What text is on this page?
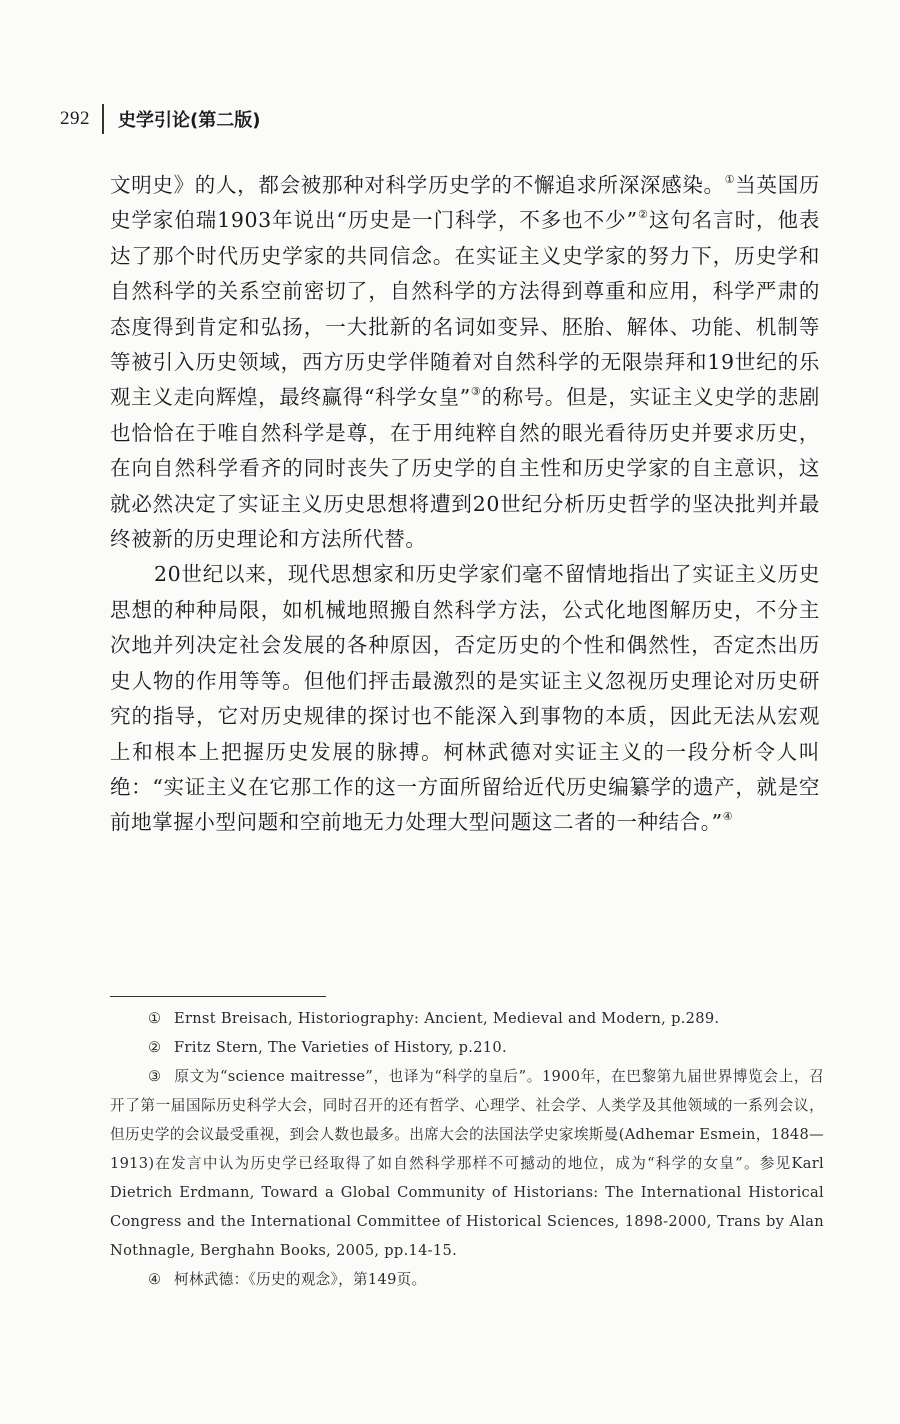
292 史学引论(第二版)

文明史》的人，都会被那种对科学历史学的不懈追求所深深感染。①当英国历史学家伯瑞1903年说出“历史是一门科学，不多也不少”②这句名言时，他表达了那个时代历史学家的共同信念。在实证主义史学家的努力下，历史学和自然科学的关系空前密切了，自然科学的方法得到尊重和应用，科学严肃的态度得到肯定和弘扬，一大批新的名词如变异、胚胎、解体、功能、机制等等被引入历史领域，西方历史学伴随着对自然科学的无限崇拜和19世纪的乐观主义走向辉煌，最终赢得“科学女皇”③的称号。但是，实证主义史学的悲剧也恰恰在于唯自然科学是尊，在于用纯粹自然的眼光看待历史并要求历史，在向自然科学看齐的同时丧失了历史学的自主性和历史学家的自主意识，这就必然决定了实证主义历史思想将遭到20世纪分析历史哲学的坚决批判并最终被新的历史理论和方法所代替。

20世纪以来，现代思想家和历史学家们毫不留情地指出了实证主义历史思想的种种局限，如机械地照搬自然科学方法，公式化地图解历史，不分主次地并列决定社会发展的各种原因，否定历史的个性和偶然性，否定杰出历史人物的作用等等。但他们抨击最激烈的是实证主义忽视历史理论对历史研究的指导，它对历史规律的探讨也不能深入到事物的本质，因此无法从宏观上和根本上把握历史发展的脉搏。柯林武德对实证主义的一段分析令人叫绝：“实证主义在它那工作的这一方面所留给近代历史编纂学的遗产，就是空前地掌握小型问题和空前地无力处理大型问题这二者的一种结合。”④

① Ernst Breisach, Historiography: Ancient, Medieval and Modern, p.289.

② Fritz Stern, The Varieties of History, p.210.

③ 原文为“science maitresse”，也译为“科学的皇后”。1900年，在巴黎第九届世界博览会上，召开了第一届国际历史科学大会，同时召开的还有哲学、心理学、社会学、人类学及其他领域的一系列会议，但历史学的会议最受重视，到会人数也最多。出席大会的法国法学史家埃斯曼(Adhemar Esmein，1848—1913)在发言中认为历史学已经取得了如自然科学那样不可撼动的地位，成为“科学的女皇”。参见Karl Dietrich Erdmann, Toward a Global Community of Historians: The International Historical Congress and the International Committee of Historical Sciences, 1898-2000, Trans by Alan Nothnagle, Berghahn Books, 2005, pp.14-15.

④ 柯林武德：《历史的观念》，第149页。
